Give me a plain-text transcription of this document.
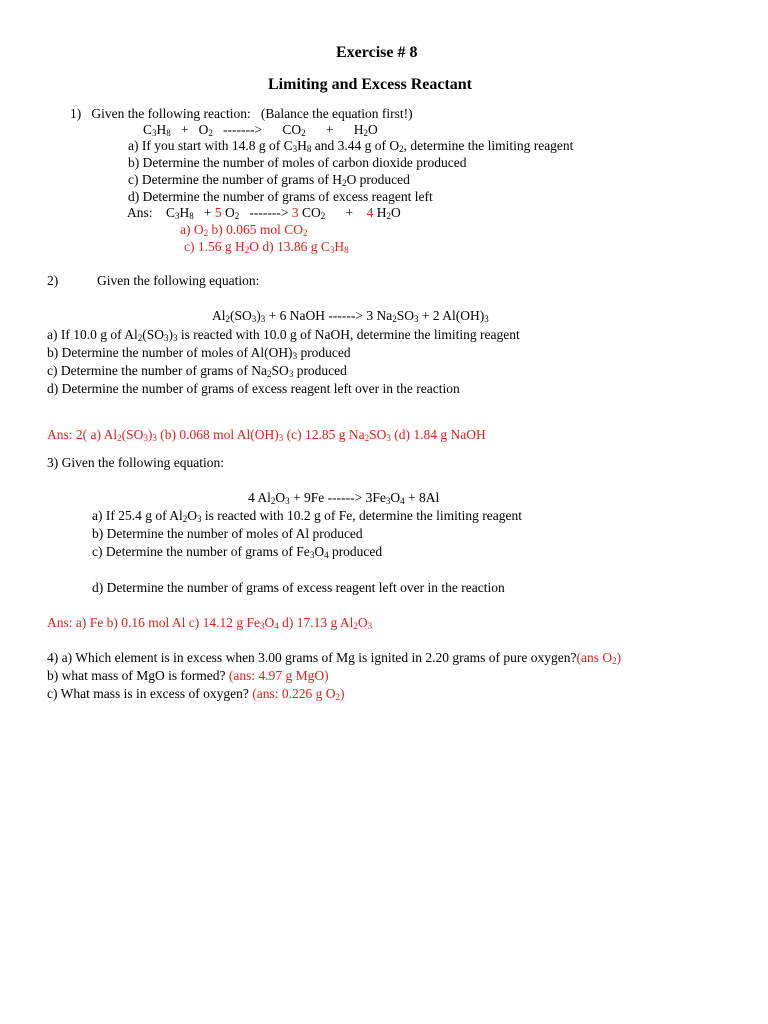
Exercise # 8
Limiting and Excess Reactant
1) Given the following reaction: (Balance the equation first!)
$C_3H_8 + O_2$ -------> $CO_2 + H_2O$
a) If you start with 14.8 g of $C_3H_8$ and 3.44 g of $O_2$, determine the limiting reagent
b) Determine the number of moles of carbon dioxide produced
c) Determine the number of grams of $H_2O$ produced
d) Determine the number of grams of excess reagent left
Ans: $C_3H_8 + 5$ $O_2$ -------> 3 $CO_2 + 4$ $H_2O$
a) $O_2$ b) 0.065 mol $CO_2$
c) 1.56 g $H_2O$ d) 13.86 g $C_3H_8$
2)	Given the following equation:
$Al_2(SO_3)_3 + 6$ NaOH ------> 3 $Na_2SO_3 + 2$ $Al(OH)_3$
a) If 10.0 g of $Al_2(SO_3)_3$ is reacted with 10.0 g of NaOH, determine the limiting reagent
b) Determine the number of moles of $Al(OH)_3$ produced
c) Determine the number of grams of $Na_2SO_3$ produced
d) Determine the number of grams of excess reagent left over in the reaction
Ans: 2( a) $Al_2(SO_3)_3$ (b) 0.068 mol $Al(OH)_3$ (c) 12.85 g $Na_2SO_3$ (d) 1.84 g NaOH
3) Given the following equation:
4 $Al_2O_3 + 9Fe$ ------> $3Fe_3O_4 + 8Al$
a) If 25.4 g of $Al_2O_3$ is reacted with 10.2 g of Fe, determine the limiting reagent
b) Determine the number of moles of Al produced
c) Determine the number of grams of $Fe_3O_4$ produced
d) Determine the number of grams of excess reagent left over in the reaction
Ans: a) Fe b) 0.16 mol Al c) 14.12 g $Fe_3O_4$ d) 17.13 g $Al_2O_3$
4) a) Which element is in excess when 3.00 grams of Mg is ignited in 2.20 grams of pure oxygen?(ans $O_2$)
b) what mass of MgO is formed? (ans: 4.97 g MgO)
c) What mass is in excess of oxygen? (ans: 0.226 g $O_2$)
